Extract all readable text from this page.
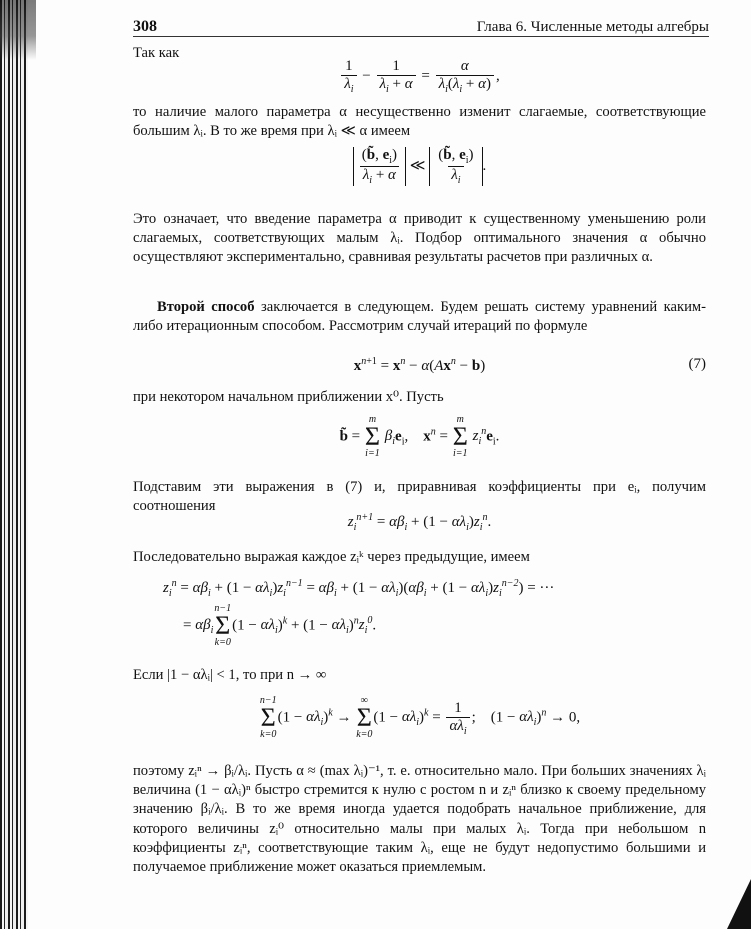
308	Глава 6. Численные методы алгебры
Так как
$\frac{1}{\lambda_i} - \frac{1}{\lambda_i + \alpha} = \frac{\alpha}{\lambda_i(\lambda_i + \alpha)}$ ,
то наличие малого параметра α несущественно изменит слагаемые, соответствующие большим λᵢ. В то же время при λᵢ ≪ α имеем
$\frac{(b̃, e_i)}{\lambda_i + \alpha}$ ≪ $\frac{(b̃, e_i)}{\lambda_i}$ .
Это означает, что введение параметра α приводит к существенному уменьшению роли слагаемых, соответствующих малым λᵢ. Подбор оптимального значения α обычно осуществляют экспериментально, сравнивая результаты расчетов при различных α.
Второй способ заключается в следующем. Будем решать систему уравнений каким-либо итерационным способом. Рассмотрим случай итераций по формуле
$x^{n+1} = x^n - \alpha(Ax^n - b)$	(7)
при некотором начальном приближении x⁰. Пусть
b̃ =
m
Σ
i=1
$\beta_ie_i$,    $x^n$ =
m
Σ
i=1
$z_i^ne_i$.
Подставим эти выражения в (7) и, приравнивая коэффициенты при eᵢ, получим соотношения
$z_i^{n+1} = \alpha\beta_i + (1 - \alpha\lambda_i)z_i^n$.
Последовательно выражая каждое zᵢᵏ через предыдущие, имеем
$z_i^n = \alpha\beta_i + (1 - \alpha\lambda_i)z_i^{n-1} = \alpha\beta_i + (1 - \alpha\lambda_i)(\alpha\beta_i + (1 - \alpha\lambda_i)z_i^{n-2})$ = ···
= $\alpha\beta_i$
n−1
Σ
k=0
$(1 - \alpha\lambda_i)^k + (1 - \alpha\lambda_i)^nz_i^0$.
Если |1 − αλᵢ| < 1, то при n → ∞
n−1
Σ
k=0
$(1 - \alpha\lambda_i)^k$ →
∞
Σ
k=0
$(1 - \alpha\lambda_i)^k = \frac{1}{\alpha\lambda_i}$ ;    $(1 - \alpha\lambda_i)^n \to 0$,
поэтому zᵢⁿ → βᵢ/λᵢ. Пусть α ≈ (max λᵢ)⁻¹, т. е. относительно мало. При больших значениях λᵢ величина (1 − αλᵢ)ⁿ быстро стремится к нулю с ростом n и zᵢⁿ близко к своему предельному значению βᵢ/λᵢ. В то же время иногда удается подобрать начальное приближение, для которого величины zᵢ⁰ относительно малы при малых λᵢ. Тогда при небольшом n коэффициенты zᵢⁿ, соответствующие таким λᵢ, еще не будут недопустимо большими и получаемое приближение может оказаться приемлемым.
